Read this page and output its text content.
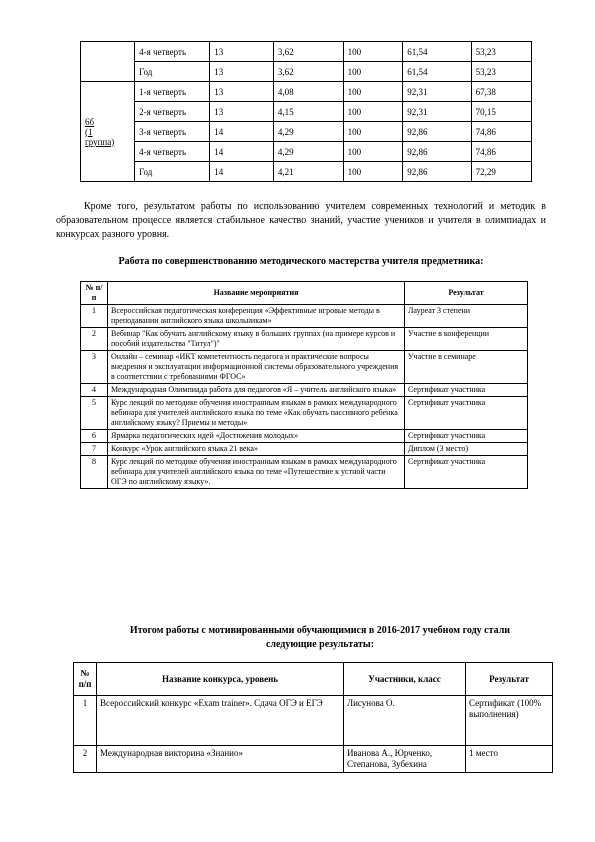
	4-я четверть	13	3,62	100	61,54	53,23
	Год	13	3,62	100	61,54	53,23

6б
(1
группа)	1-я четверть	13	4,08	100	92,31	67,38
	2-я четверть	13	4,15	100	92,31	70,15
	3-я четверть	14	4,29	100	92,86	74,86
	4-я четверть	14	4,29	100	92,86	74,86
	Год	14	4,21	100	92,86	72,29
Кроме того, результатом работы по использованию учителем современных технологий и методик в образовательном процессе является стабильное качество знаний, участие учеников и учителя в олимпиадах и конкурсах разного уровня.
Работа по совершенствованию методического мастерства учителя предметника:
№ п/п	Название мероприятия	Результат
1	Всероссийская педагогическая конференция «Эффективные игровые методы в преподавании английского языка школьникам»	Лауреат 3 степени
2	Вебинар "Как обучать английскому языку в больших группах (на примере курсов и пособий издательства "Титул")"	Участие в конференции
3	Онлайн – семинар «ИКТ компетентность педагога и практические вопросы внедрения и эксплуатации информационной системы образовательного учреждения в соответствии с требованиями ФГОС»	Участие в семинаре
4	Международная Олимпиада работа для педагогов «Я – учитель английского языка»	Сертификат участника
5	Курс лекций по методике обучения иностранным языкам в рамках международного вебинара для учителей английского языка по теме «Как обучать пассивного ребенка английскому языку? Приемы и методы»	Сертификат участника
6	Ярмарка педагогических идей «Достижения молодых»	Сертификат участника
7	Конкурс «Урок английского языка 21 века»	Диплом (3 место)
8	Курс лекций по методике обучения иностранным языкам в рамках международного вебинара для учителей английского языка по теме «Путешествие к устной части ОГЭ по английскому языку».	Сертификат участника
Итогом работы с мотивированными обучающимися в 2016-2017 учебном году стали следующие результаты:
№ п/п	Название конкурса, уровень	Участники, класс	Результат
1	Всероссийский конкурс «Exam trainer». Сдача ОГЭ и ЕГЭ	Лисунова О.	Сертификат (100% выполнения)
2	Международная викторина «Знанио»	Иванова А., Юрченко, Степанова, Зубехина	1 место
